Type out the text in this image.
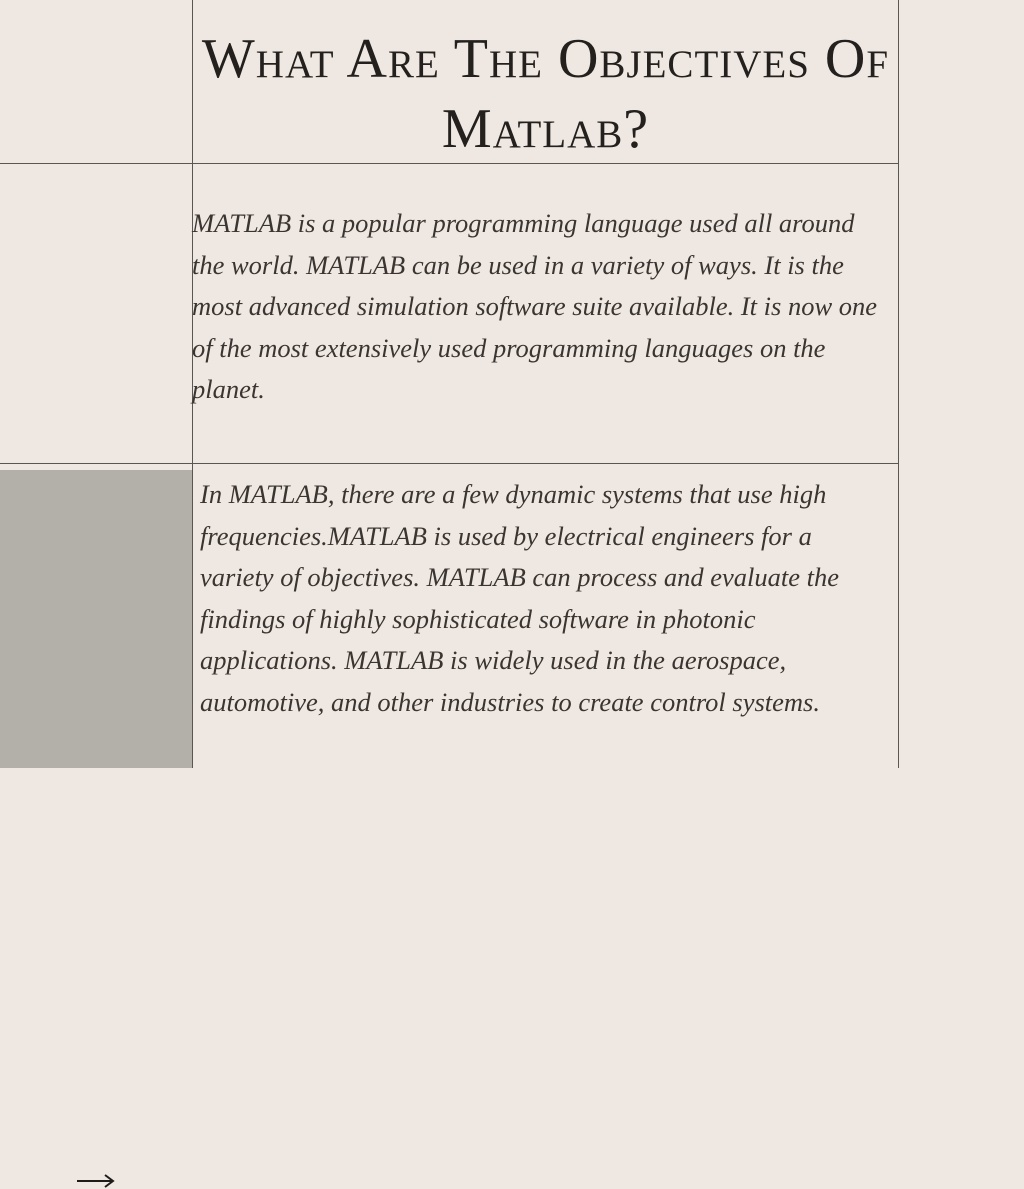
What Are The Objectives Of Matlab?

MATLAB is a popular programming language used all around the world. MATLAB can be used in a variety of ways. It is the most advanced simulation software suite available. It is now one of the most extensively used programming languages on the planet.

In MATLAB, there are a few dynamic systems that use high frequencies.MATLAB is used by electrical engineers for a variety of objectives. MATLAB can process and evaluate the findings of highly sophisticated software in photonic applications. MATLAB is widely used in the aerospace, automotive, and other industries to create control systems.
